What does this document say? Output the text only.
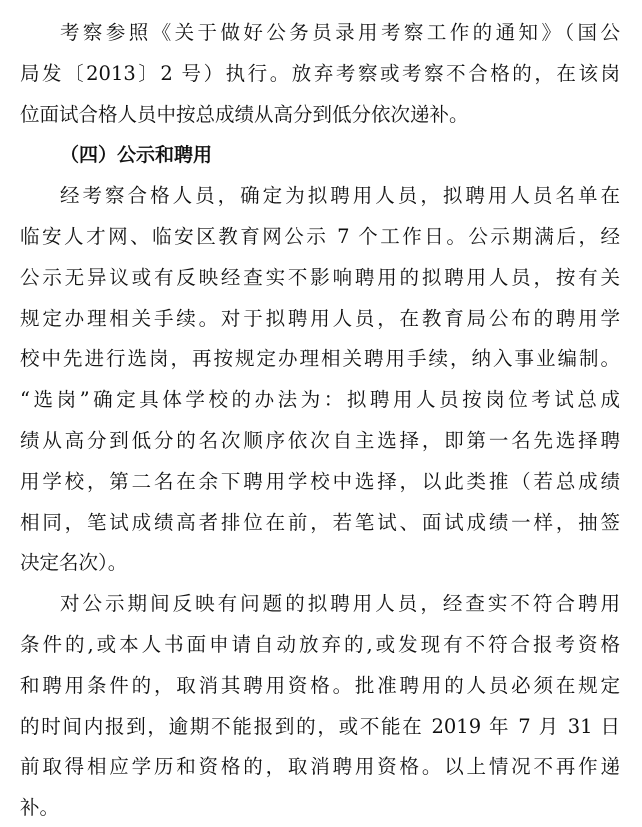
考察参照《关于做好公务员录用考察工作的通知》（国公
局发〔2013〕2 号）执行。放弃考察或考察不合格的，在该岗
位面试合格人员中按总成绩从高分到低分依次递补。
（四）公示和聘用
经考察合格人员，确定为拟聘用人员，拟聘用人员名单在
临安人才网、临安区教育网公示 7 个工作日。公示期满后，经
公示无异议或有反映经查实不影响聘用的拟聘用人员，按有关
规定办理相关手续。对于拟聘用人员，在教育局公布的聘用学
校中先进行选岗，再按规定办理相关聘用手续，纳入事业编制。
“选岗”确定具体学校的办法为：拟聘用人员按岗位考试总成
绩从高分到低分的名次顺序依次自主选择，即第一名先选择聘
用学校，第二名在余下聘用学校中选择，以此类推（若总成绩
相同，笔试成绩高者排位在前，若笔试、面试成绩一样，抽签
决定名次）。
对公示期间反映有问题的拟聘用人员，经查实不符合聘用
条件的,或本人书面申请自动放弃的,或发现有不符合报考资格
和聘用条件的，取消其聘用资格。批准聘用的人员必须在规定
的时间内报到，逾期不能报到的，或不能在 2019 年 7 月 31 日
前取得相应学历和资格的，取消聘用资格。以上情况不再作递
补。
